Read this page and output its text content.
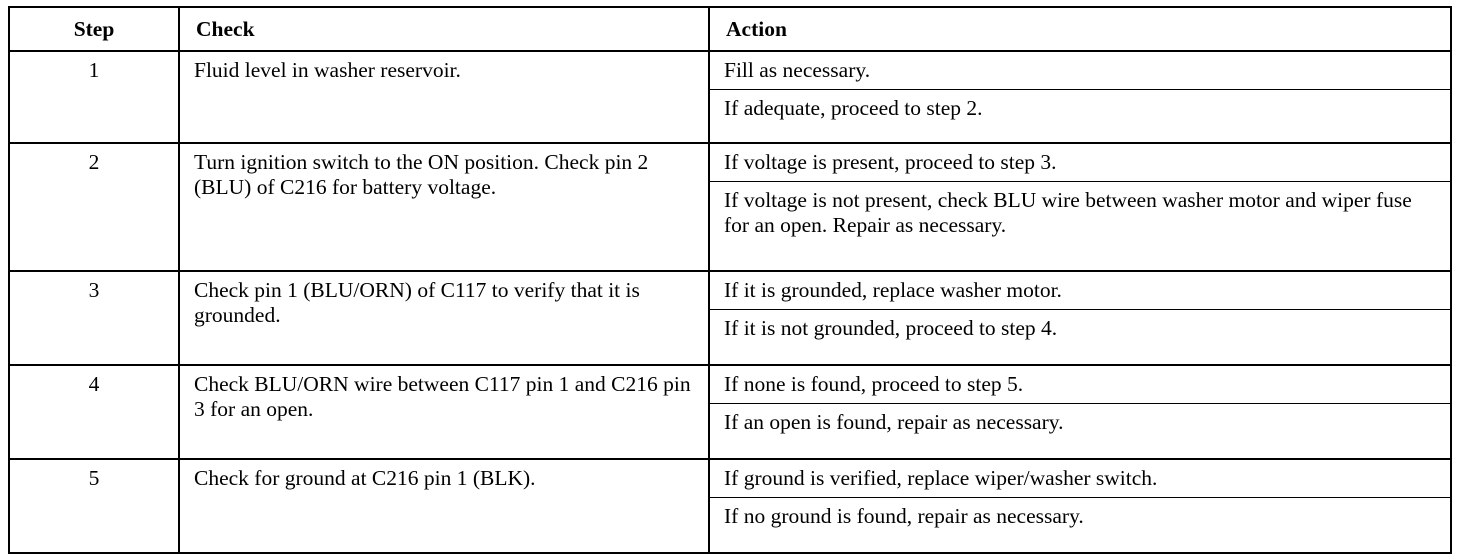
Step	Check	Action
1	Fluid level in washer reservoir.	Fill as necessary.
If adequate, proceed to step 2.

2	Turn ignition switch to the ON position. Check pin 2 (BLU) of C216 for battery voltage.	If voltage is present, proceed to step 3.
If voltage is not present, check BLU wire between washer motor and wiper fuse for an open. Repair as necessary.

3	Check pin 1 (BLU/ORN) of C117 to verify that it is grounded.	If it is grounded, replace washer motor.
If it is not grounded, proceed to step 4.

4	Check BLU/ORN wire between C117 pin 1 and C216 pin 3 for an open.	If none is found, proceed to step 5.
If an open is found, repair as necessary.

5	Check for ground at C216 pin 1 (BLK).	If ground is verified, replace wiper/washer switch.
If no ground is found, repair as necessary.
